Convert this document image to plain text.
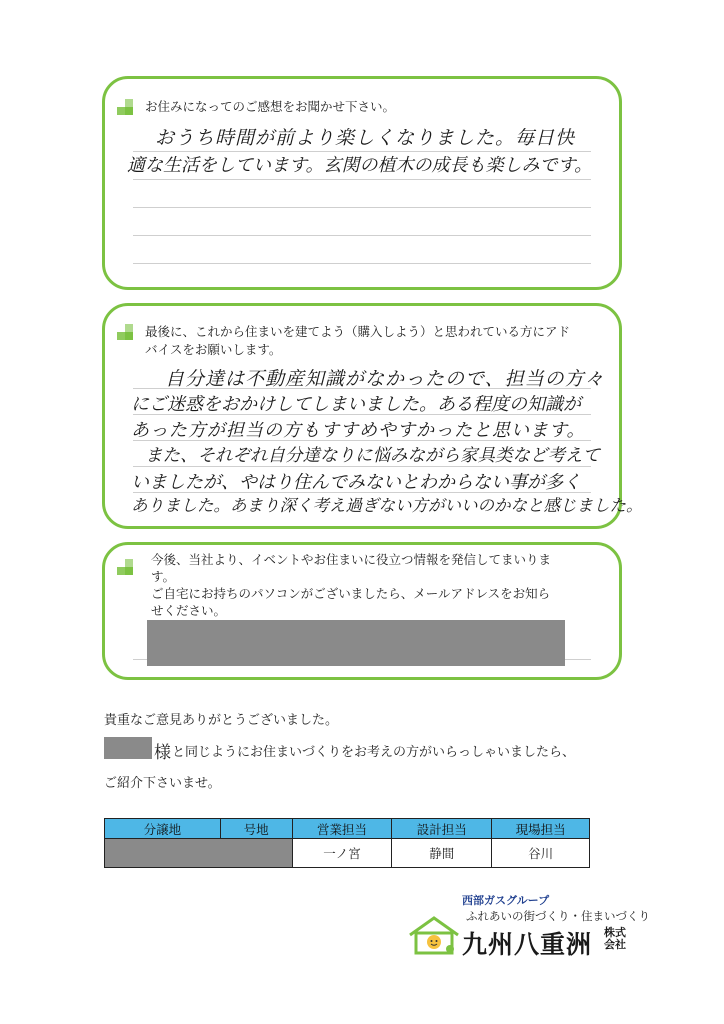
お住みになってのご感想をお聞かせ下さい。
おうち時間が前より楽しくなりました。毎日快
適な生活をしています。玄関の植木の成長も楽しみです。
最後に、これから住まいを建てよう（購入しよう）と思われている方にアド
バイスをお願いします。
自分達は不動産知識がなかったので、担当の方々
にご迷惑をおかけしてしまいました。ある程度の知識が
あった方が担当の方もすすめやすかったと思います。
また、それぞれ自分達なりに悩みながら家具类など考えて
いましたが、やはり住んでみないとわからない事が多く
ありました。あまり深く考え過ぎない方がいいのかなと感じました。
今後、当社より、イベントやお住まいに役立つ情報を発信してまいりま
す。
ご自宅にお持ちのパソコンがございましたら、メールアドレスをお知ら
せください。
貴重なご意見ありがとうございました。
様 と同じようにお住まいづくりをお考えの方がいらっしゃいましたら、
ご紹介下さいませ。
分譲地	号地	営業担当	設計担当	現場担当
		一ノ宮	静間	谷川
西部ガスグループ
ふれあいの街づくり・住まいづくり
九州八重洲 株式会社
